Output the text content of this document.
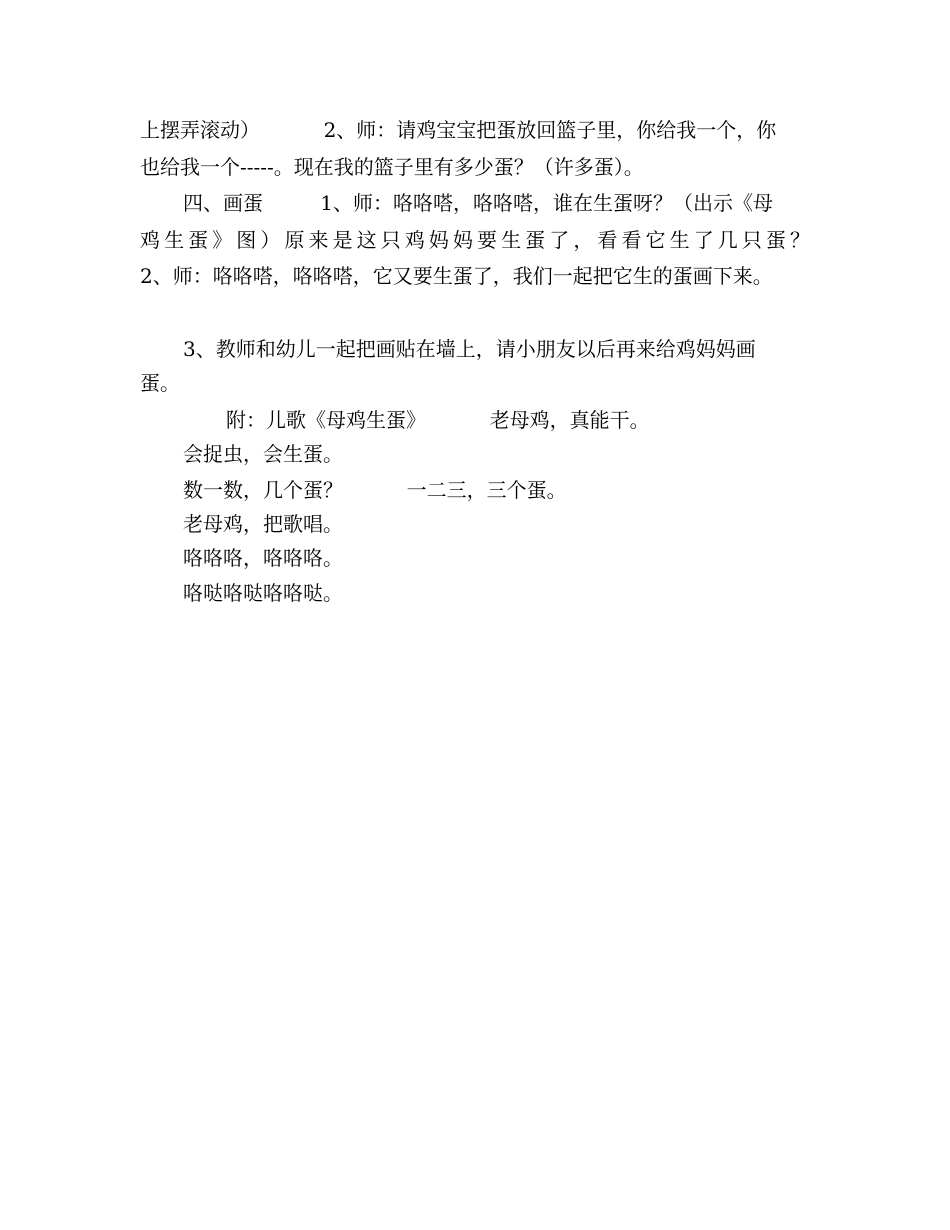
上摆弄滚动）          2、师：请鸡宝宝把蛋放回篮子里，你给我一个，你
也给我一个-----。现在我的篮子里有多少蛋？（许多蛋）。
四、画蛋         1、师：咯咯嗒，咯咯嗒，谁在生蛋呀？（出示《母
鸡生蛋》图）原来是这只鸡妈妈要生蛋了，看看它生了几只蛋？
2、师：咯咯嗒，咯咯嗒，它又要生蛋了，我们一起把它生的蛋画下来。
3、教师和幼儿一起把画贴在墙上，请小朋友以后再来给鸡妈妈画
蛋。
附：儿歌《母鸡生蛋》          老母鸡，真能干。
会捉虫，会生蛋。
数一数，几个蛋？          一二三，三个蛋。
老母鸡，把歌唱。
咯咯咯，咯咯咯。
咯哒咯哒咯咯哒。
